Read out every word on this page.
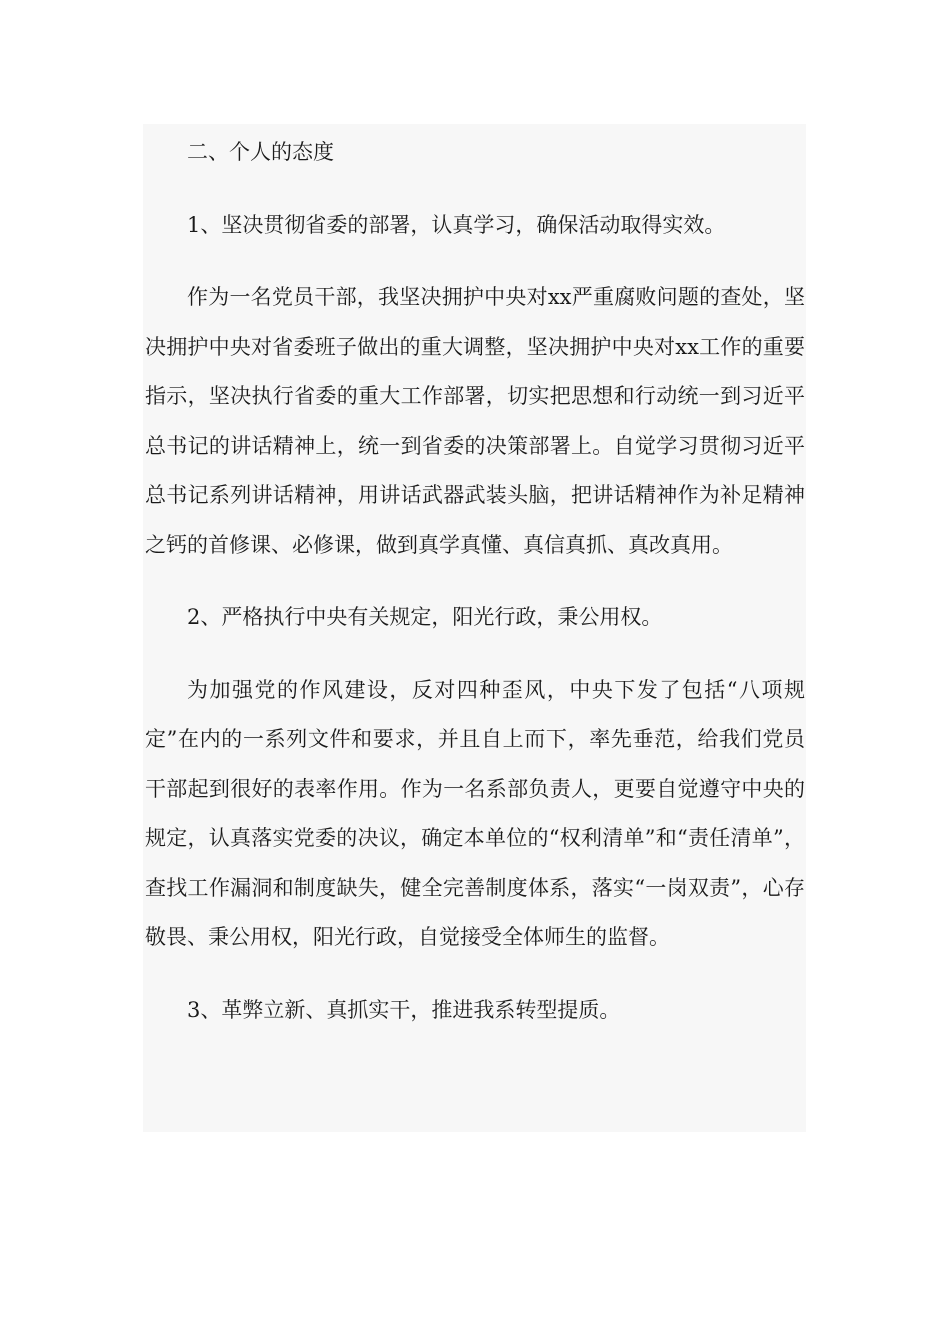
二、个人的态度

1、坚决贯彻省委的部署，认真学习，确保活动取得实效。

作为一名党员干部，我坚决拥护中央对xx严重腐败问题的查处，坚决拥护中央对省委班子做出的重大调整，坚决拥护中央对xx工作的重要指示，坚决执行省委的重大工作部署，切实把思想和行动统一到习近平总书记的讲话精神上，统一到省委的决策部署上。自觉学习贯彻习近平总书记系列讲话精神，用讲话武器武装头脑，把讲话精神作为补足精神之钙的首修课、必修课，做到真学真懂、真信真抓、真改真用。

2、严格执行中央有关规定，阳光行政，秉公用权。

为加强党的作风建设，反对四种歪风，中央下发了包括“八项规定”在内的一系列文件和要求，并且自上而下，率先垂范，给我们党员干部起到很好的表率作用。作为一名系部负责人，更要自觉遵守中央的规定，认真落实党委的决议，确定本单位的“权利清单”和“责任清单”，查找工作漏洞和制度缺失，健全完善制度体系，落实“一岗双责”，心存敬畏、秉公用权，阳光行政，自觉接受全体师生的监督。

3、革弊立新、真抓实干，推进我系转型提质。
